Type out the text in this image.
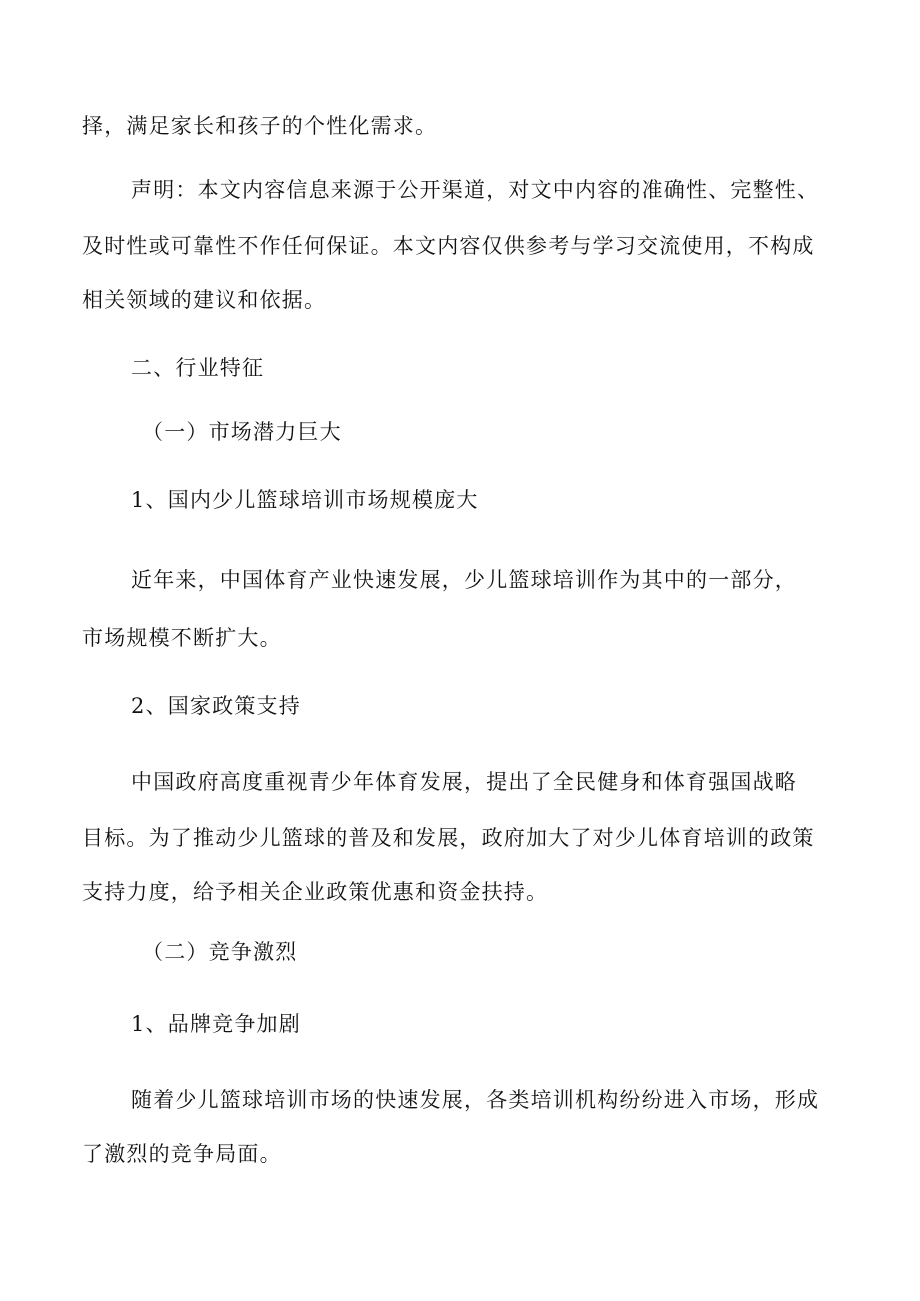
择，满足家长和孩子的个性化需求。

声明：本文内容信息来源于公开渠道，对文中内容的准确性、完整性、

及时性或可靠性不作任何保证。本文内容仅供参考与学习交流使用，不构成

相关领域的建议和依据。

二、行业特征

（一）市场潜力巨大

1、国内少儿篮球培训市场规模庞大

近年来，中国体育产业快速发展，少儿篮球培训作为其中的一部分，

市场规模不断扩大。

2、国家政策支持

中国政府高度重视青少年体育发展，提出了全民健身和体育强国战略

目标。为了推动少儿篮球的普及和发展，政府加大了对少儿体育培训的政策

支持力度，给予相关企业政策优惠和资金扶持。

（二）竞争激烈

1、品牌竞争加剧

随着少儿篮球培训市场的快速发展，各类培训机构纷纷进入市场，形成

了激烈的竞争局面。
